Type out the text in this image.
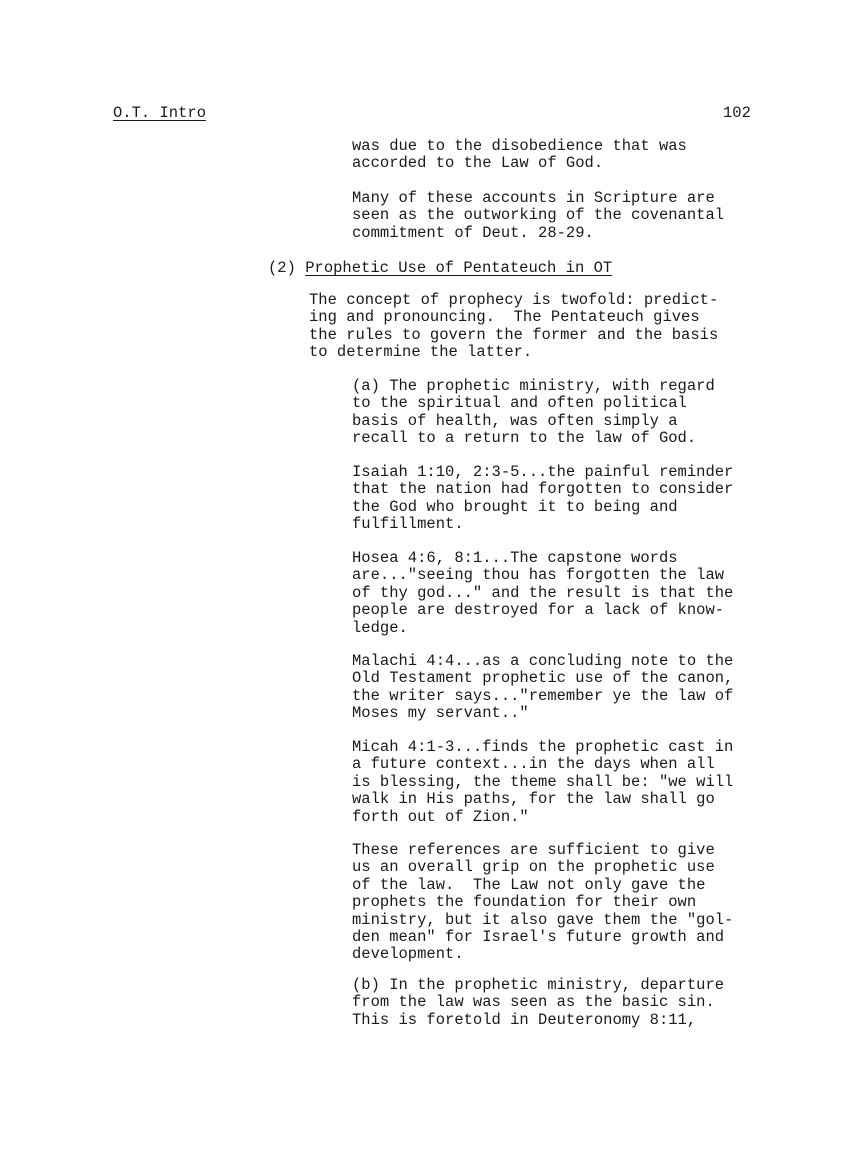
O.T. Intro	102

was due to the disobedience that was
accorded to the Law of God.

Many of these accounts in Scripture are
seen as the outworking of the covenantal
commitment of Deut. 28-29.

(2) Prophetic Use of Pentateuch in OT

The concept of prophecy is twofold: predict-
ing and pronouncing.  The Pentateuch gives
the rules to govern the former and the basis
to determine the latter.

(a) The prophetic ministry, with regard
to the spiritual and often political
basis of health, was often simply a
recall to a return to the law of God.

Isaiah 1:10, 2:3-5...the painful reminder
that the nation had forgotten to consider
the God who brought it to being and
fulfillment.

Hosea 4:6, 8:1...The capstone words
are..."seeing thou has forgotten the law
of thy god..." and the result is that the
people are destroyed for a lack of know-
ledge.

Malachi 4:4...as a concluding note to the
Old Testament prophetic use of the canon,
the writer says..."remember ye the law of
Moses my servant.."

Micah 4:1-3...finds the prophetic cast in
a future context...in the days when all
is blessing, the theme shall be: "we will
walk in His paths, for the law shall go
forth out of Zion."

These references are sufficient to give
us an overall grip on the prophetic use
of the law.  The Law not only gave the
prophets the foundation for their own
ministry, but it also gave them the "gol-
den mean" for Israel's future growth and
development.

(b) In the prophetic ministry, departure
from the law was seen as the basic sin.
This is foretold in Deuteronomy 8:11,
